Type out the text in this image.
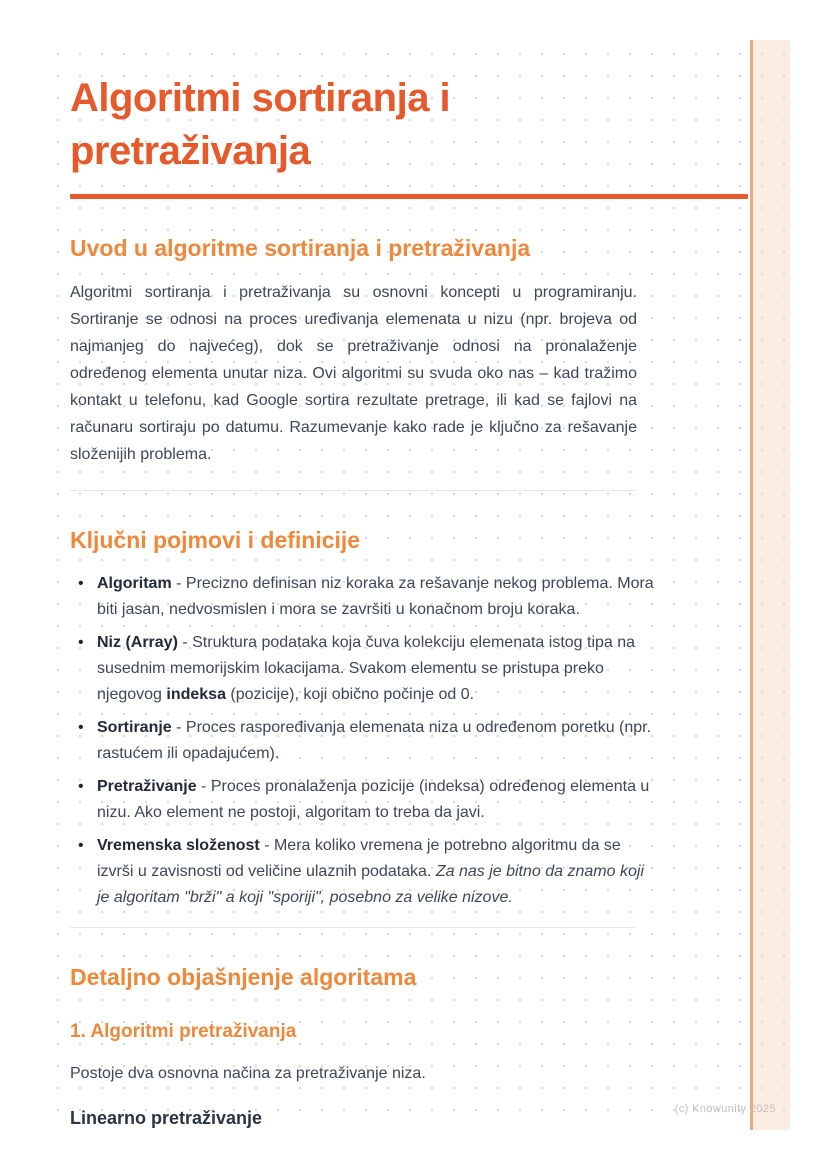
Algoritmi sortiranja i pretraživanja
Uvod u algoritme sortiranja i pretraživanja

Algoritmi sortiranja i pretraživanja su osnovni koncepti u programiranju. Sortiranje se odnosi na proces uređivanja elemenata u nizu (npr. brojeva od najmanjeg do najvećeg), dok se pretraživanje odnosi na pronalaženje određenog elementa unutar niza. Ovi algoritmi su svuda oko nas – kad tražimo kontakt u telefonu, kad Google sortira rezultate pretrage, ili kad se fajlovi na računaru sortiraju po datumu. Razumevanje kako rade je ključno za rešavanje složenijih problema.

Ključni pojmovi i definicije
• Algoritam - Precizno definisan niz koraka za rešavanje nekog problema. Mora biti jasan, nedvosmislen i mora se završiti u konačnom broju koraka.
• Niz (Array) - Struktura podataka koja čuva kolekciju elemenata istog tipa na susednim memorijskim lokacijama. Svakom elementu se pristupa preko njegovog indeksa (pozicije), koji obično počinje od 0.
• Sortiranje - Proces raspoređivanja elemenata niza u određenom poretku (npr. rastućem ili opadajućem).
• Pretraživanje - Proces pronalaženja pozicije (indeksa) određenog elementa u nizu. Ako element ne postoji, algoritam to treba da javi.
• Vremenska složenost - Mera koliko vremena je potrebno algoritmu da se izvrši u zavisnosti od veličine ulaznih podataka. Za nas je bitno da znamo koji je algoritam "brži" a koji "sporiji", posebno za velike nizove.
Detaljno objašnjenje algoritama
1. Algoritmi pretraživanja

Postoje dva osnovna načina za pretraživanje niza.

Linearno pretraživanje	(c) Knowunity 2025
